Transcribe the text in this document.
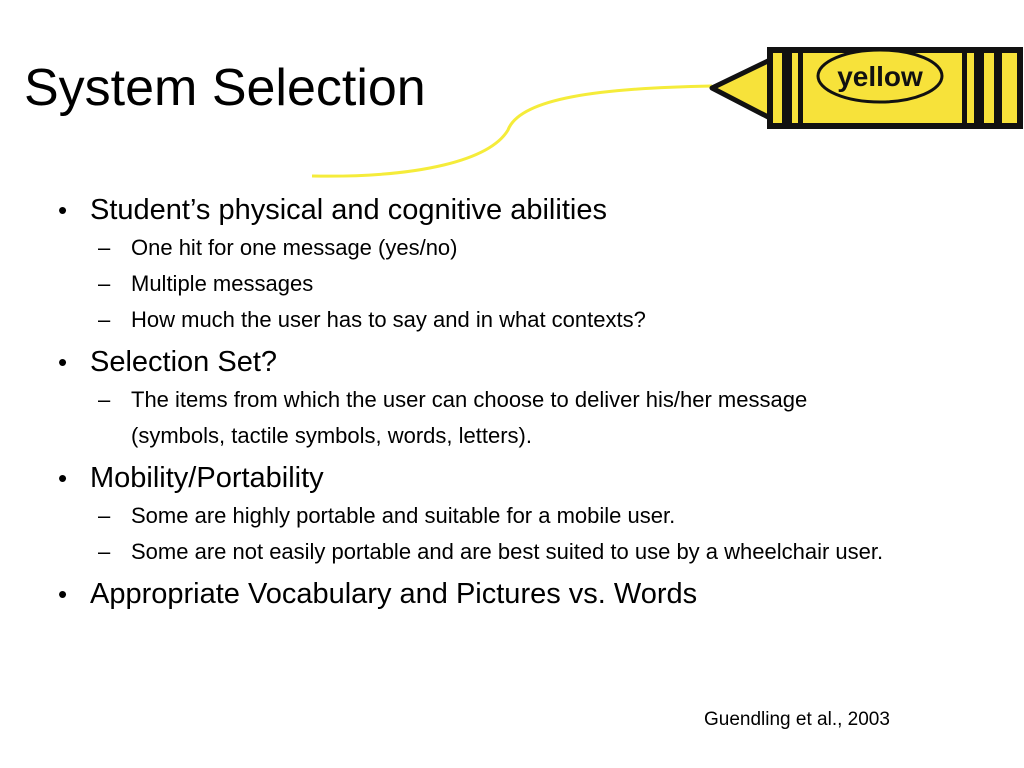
yellow
System Selection
• Student’s physical and cognitive abilities
– One hit for one message (yes/no)
– Multiple messages
– How much the user has to say and in what contexts?
• Selection Set?
– The items from which the user can choose to deliver his/her message (symbols, tactile symbols, words, letters).
• Mobility/Portability
– Some are highly portable and suitable for a mobile user.
– Some are not easily portable and are best suited to use by a wheelchair user.
• Appropriate Vocabulary and Pictures vs. Words
Guendling et al., 2003
